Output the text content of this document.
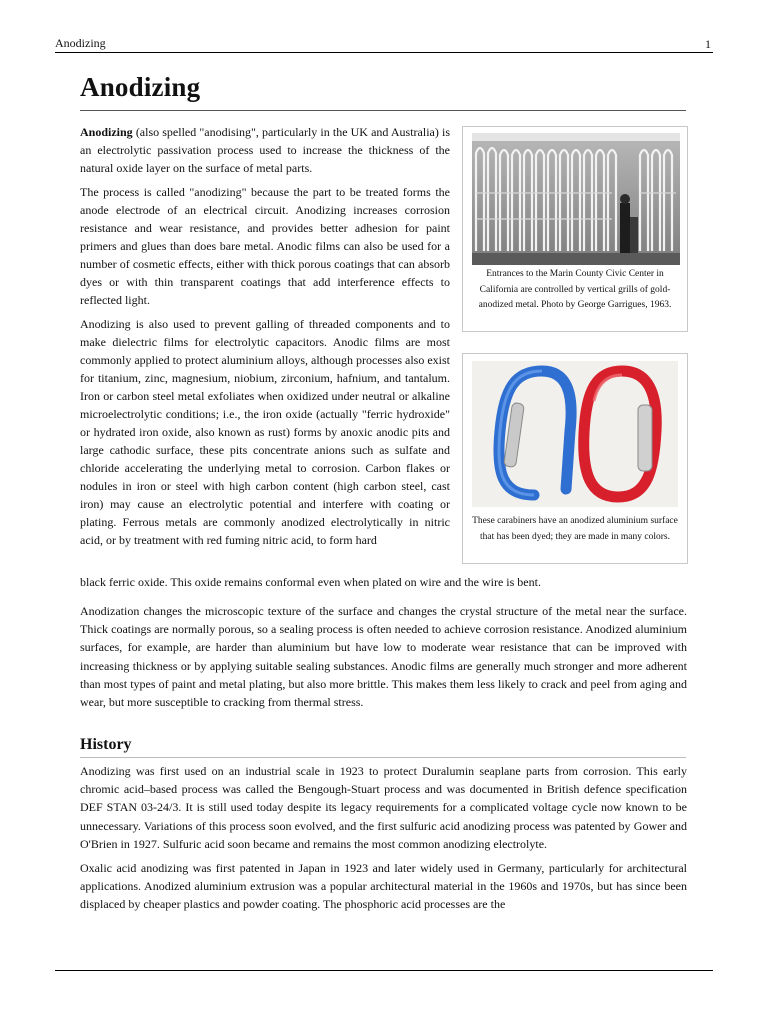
Anodizing	1
Anodizing

Anodizing (also spelled "anodising", particularly in the UK and Australia) is an electrolytic passivation process used to increase the thickness of the natural oxide layer on the surface of metal parts.

The process is called "anodizing" because the part to be treated forms the anode electrode of an electrical circuit. Anodizing increases corrosion resistance and wear resistance, and provides better adhesion for paint primers and glues than does bare metal. Anodic films can also be used for a number of cosmetic effects, either with thick porous coatings that can absorb dyes or with thin transparent coatings that add interference effects to reflected light.

Anodizing is also used to prevent galling of threaded components and to make dielectric films for electrolytic capacitors. Anodic films are most commonly applied to protect aluminium alloys, although processes also exist for titanium, zinc, magnesium, niobium, zirconium, hafnium, and tantalum. Iron or carbon steel metal exfoliates when oxidized under neutral or alkaline microelectrolytic conditions; i.e., the iron oxide (actually "ferric hydroxide" or hydrated iron oxide, also known as rust) forms by anoxic anodic pits and large cathodic surface, these pits concentrate anions such as sulfate and chloride accelerating the underlying metal to corrosion. Carbon flakes or nodules in iron or steel with high carbon content (high carbon steel, cast iron) may cause an electrolytic potential and interfere with coating or plating. Ferrous metals are commonly anodized electrolytically in nitric acid, or by treatment with red fuming nitric acid, to form hard

black ferric oxide. This oxide remains conformal even when plated on wire and the wire is bent.
Entrances to the Marin County Civic Center in California are controlled by vertical grills of gold-anodized metal. Photo by George Garrigues, 1963.
These carabiners have an anodized aluminium surface that has been dyed; they are made in many colors.

Anodization changes the microscopic texture of the surface and changes the crystal structure of the metal near the surface. Thick coatings are normally porous, so a sealing process is often needed to achieve corrosion resistance. Anodized aluminium surfaces, for example, are harder than aluminium but have low to moderate wear resistance that can be improved with increasing thickness or by applying suitable sealing substances. Anodic films are generally much stronger and more adherent than most types of paint and metal plating, but also more brittle. This makes them less likely to crack and peel from aging and wear, but more susceptible to cracking from thermal stress.

History

Anodizing was first used on an industrial scale in 1923 to protect Duralumin seaplane parts from corrosion. This early chromic acid–based process was called the Bengough-Stuart process and was documented in British defence specification DEF STAN 03-24/3. It is still used today despite its legacy requirements for a complicated voltage cycle now known to be unnecessary. Variations of this process soon evolved, and the first sulfuric acid anodizing process was patented by Gower and O'Brien in 1927. Sulfuric acid soon became and remains the most common anodizing electrolyte.

Oxalic acid anodizing was first patented in Japan in 1923 and later widely used in Germany, particularly for architectural applications. Anodized aluminium extrusion was a popular architectural material in the 1960s and 1970s, but has since been displaced by cheaper plastics and powder coating. The phosphoric acid processes are the
